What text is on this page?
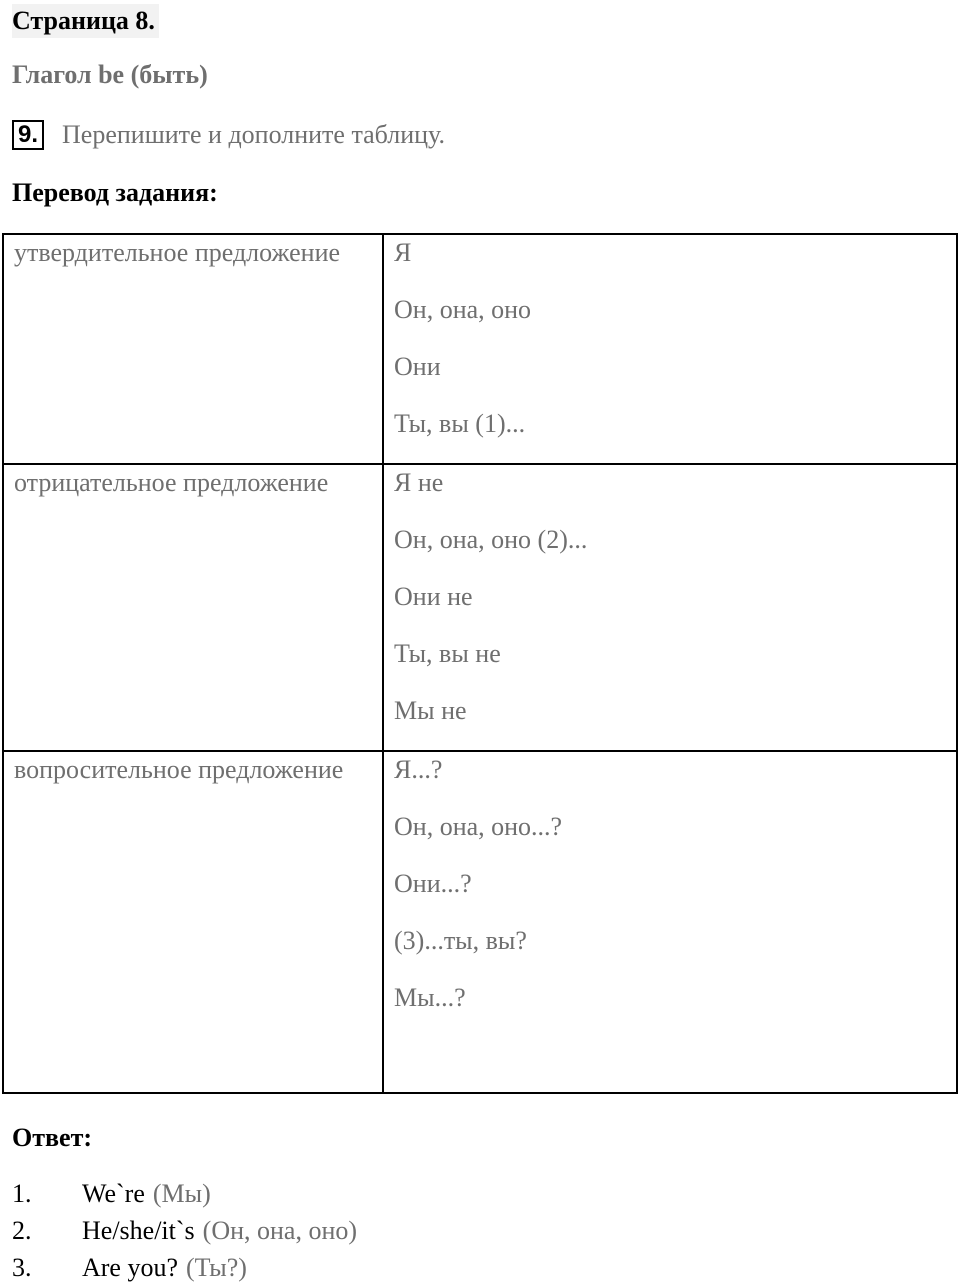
Страница 8.
Глагол be (быть)
9. Перепишите и дополните таблицу.
Перевод задания:
утвердительное предложение	Я
Он, она, оно
Они
Ты, вы (1)...

отрицательное предложение	Я не
Он, она, оно (2)...
Они не
Ты, вы не
Мы не

вопросительное предложение	Я...?
Он, она, оно...?
Они...?
(3)...ты, вы?
Мы...?
Ответ:
1.	We`re (Мы)
2.	He/she/it`s (Он, она, оно)
3.	Are you? (Ты?)
